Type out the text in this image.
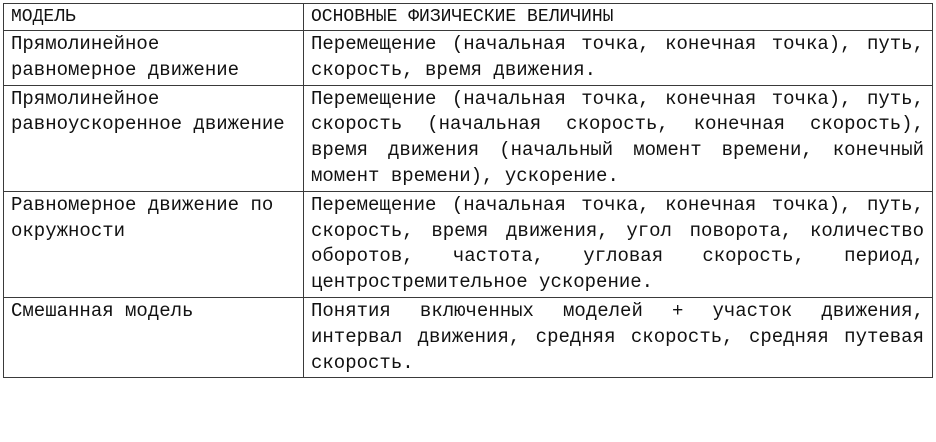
МОДЕЛЬ	ОСНОВНЫЕ ФИЗИЧЕСКИЕ ВЕЛИЧИНЫ
Прямолинейное равномерное движение	Перемещение (начальная точка, конечная точка), путь, скорость, время движения.
Прямолинейное равноускоренное движение	Перемещение (начальная точка, конечная точка), путь, скорость (начальная скорость, конечная скорость), время движения (начальный момент времени, конечный момент времени), ускорение.
Равномерное движение по окружности	Перемещение (начальная точка, конечная точка), путь, скорость, время движения, угол поворота, количество оборотов, частота, угловая скорость, период, центростремительное ускорение.
Смешанная модель	Понятия включенных моделей + участок движения, интервал движения, средняя скорость, средняя путевая скорость.
